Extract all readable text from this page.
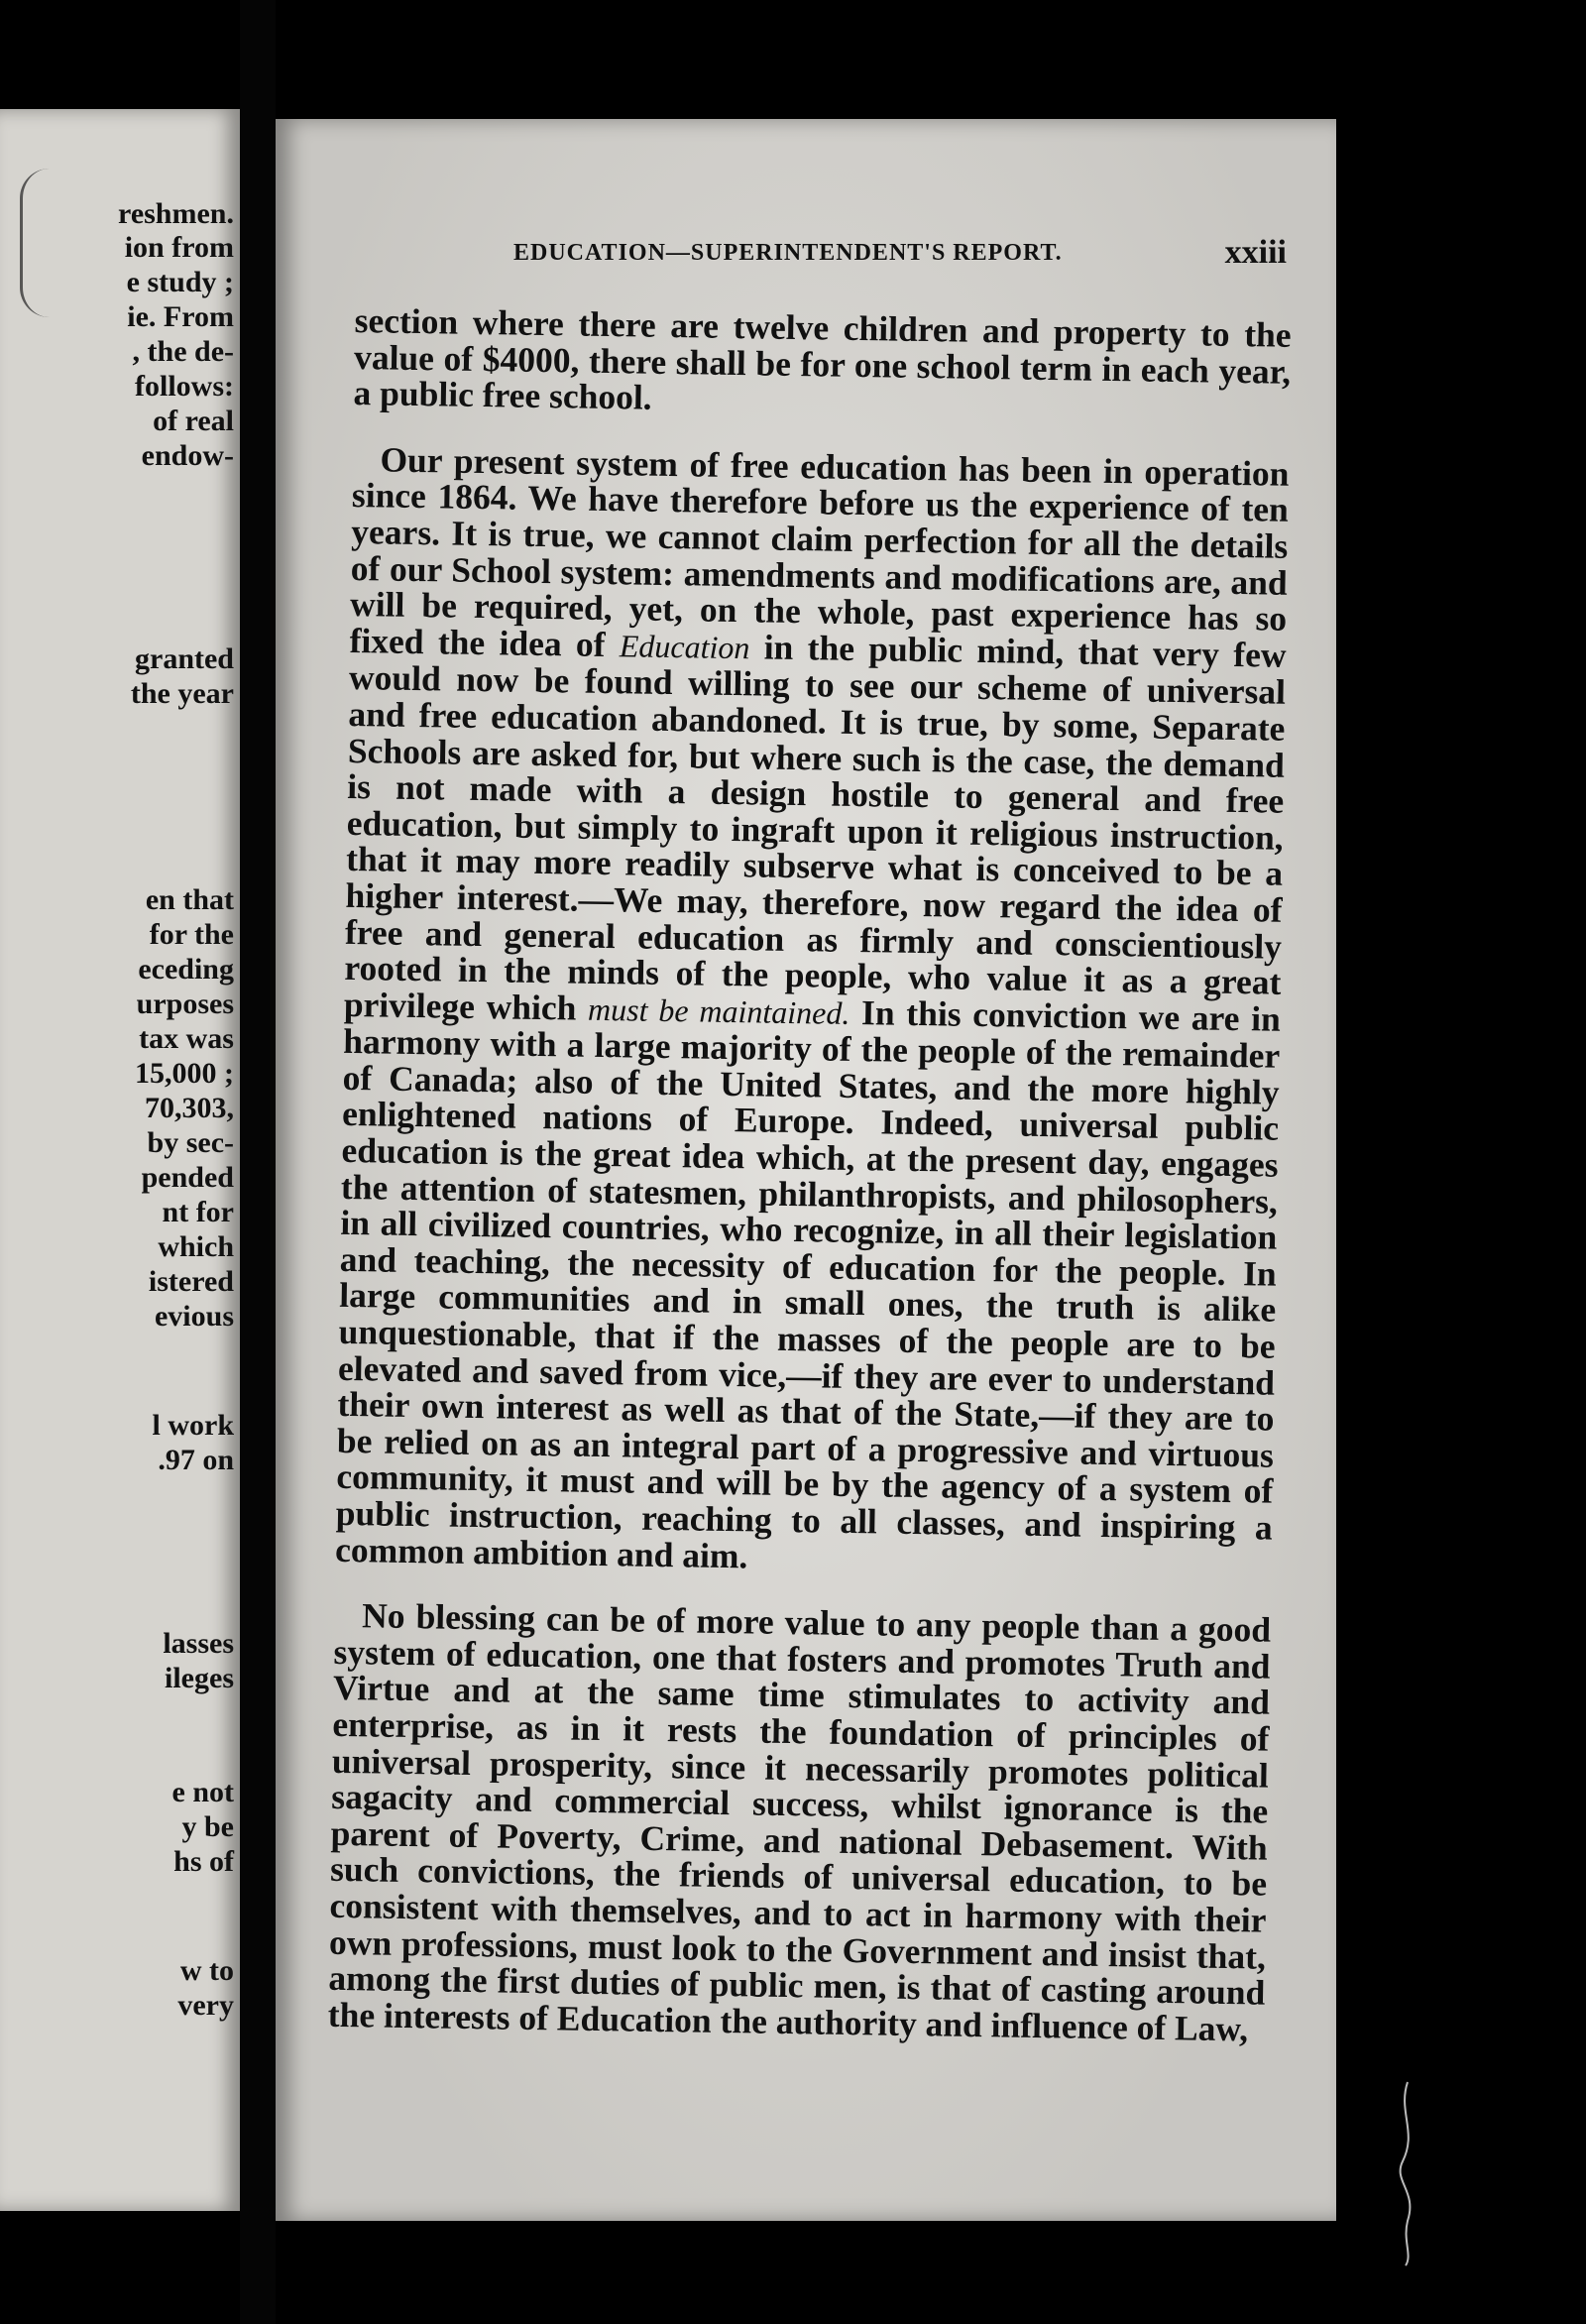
reshmen.
ion from
e study ;
ie. From
, the de-
follows:
of real
endow-
granted
the year
en that
for the
eceding
urposes
tax was
15,000 ;
70,303,
by sec-
pended
nt for
which
istered
evious
l work
.97 on
lasses
ileges
e not
y be
hs of
w to
very
EDUCATION—SUPERINTENDENT'S REPORT.	xxiii

section where there are twelve children and property to the value of $4000, there shall be for one school term in each year, a public free school.

Our present system of free education has been in operation since 1864. We have therefore before us the experience of ten years. It is true, we cannot claim perfection for all the details of our School system: amendments and modifications are, and will be required, yet, on the whole, past experience has so fixed the idea of Education in the public mind, that very few would now be found willing to see our scheme of universal and free education abandoned. It is true, by some, Separate Schools are asked for, but where such is the case, the demand is not made with a design hostile to general and free education, but simply to ingraft upon it religious instruction, that it may more readily subserve what is conceived to be a higher interest.—We may, therefore, now regard the idea of free and general education as firmly and conscientiously rooted in the minds of the people, who value it as a great privilege which must be maintained. In this conviction we are in harmony with a large majority of the people of the remainder of Canada; also of the United States, and the more highly enlightened nations of Europe. Indeed, universal public education is the great idea which, at the present day, engages the attention of statesmen, philanthropists, and philosophers, in all civilized countries, who recognize, in all their legislation and teaching, the necessity of education for the people. In large communities and in small ones, the truth is alike unquestionable, that if the masses of the people are to be elevated and saved from vice,—if they are ever to understand their own interest as well as that of the State,—if they are to be relied on as an integral part of a progressive and virtuous community, it must and will be by the agency of a system of public instruction, reaching to all classes, and inspiring a common ambition and aim.

No blessing can be of more value to any people than a good system of education, one that fosters and promotes Truth and Virtue and at the same time stimulates to activity and enterprise, as in it rests the foundation of principles of universal prosperity, since it necessarily promotes political sagacity and commercial success, whilst ignorance is the parent of Poverty, Crime, and national Debasement. With such convictions, the friends of universal education, to be consistent with themselves, and to act in harmony with their own professions, must look to the Government and insist that, among the first duties of public men, is that of casting around the interests of Education the authority and influence of Law,
